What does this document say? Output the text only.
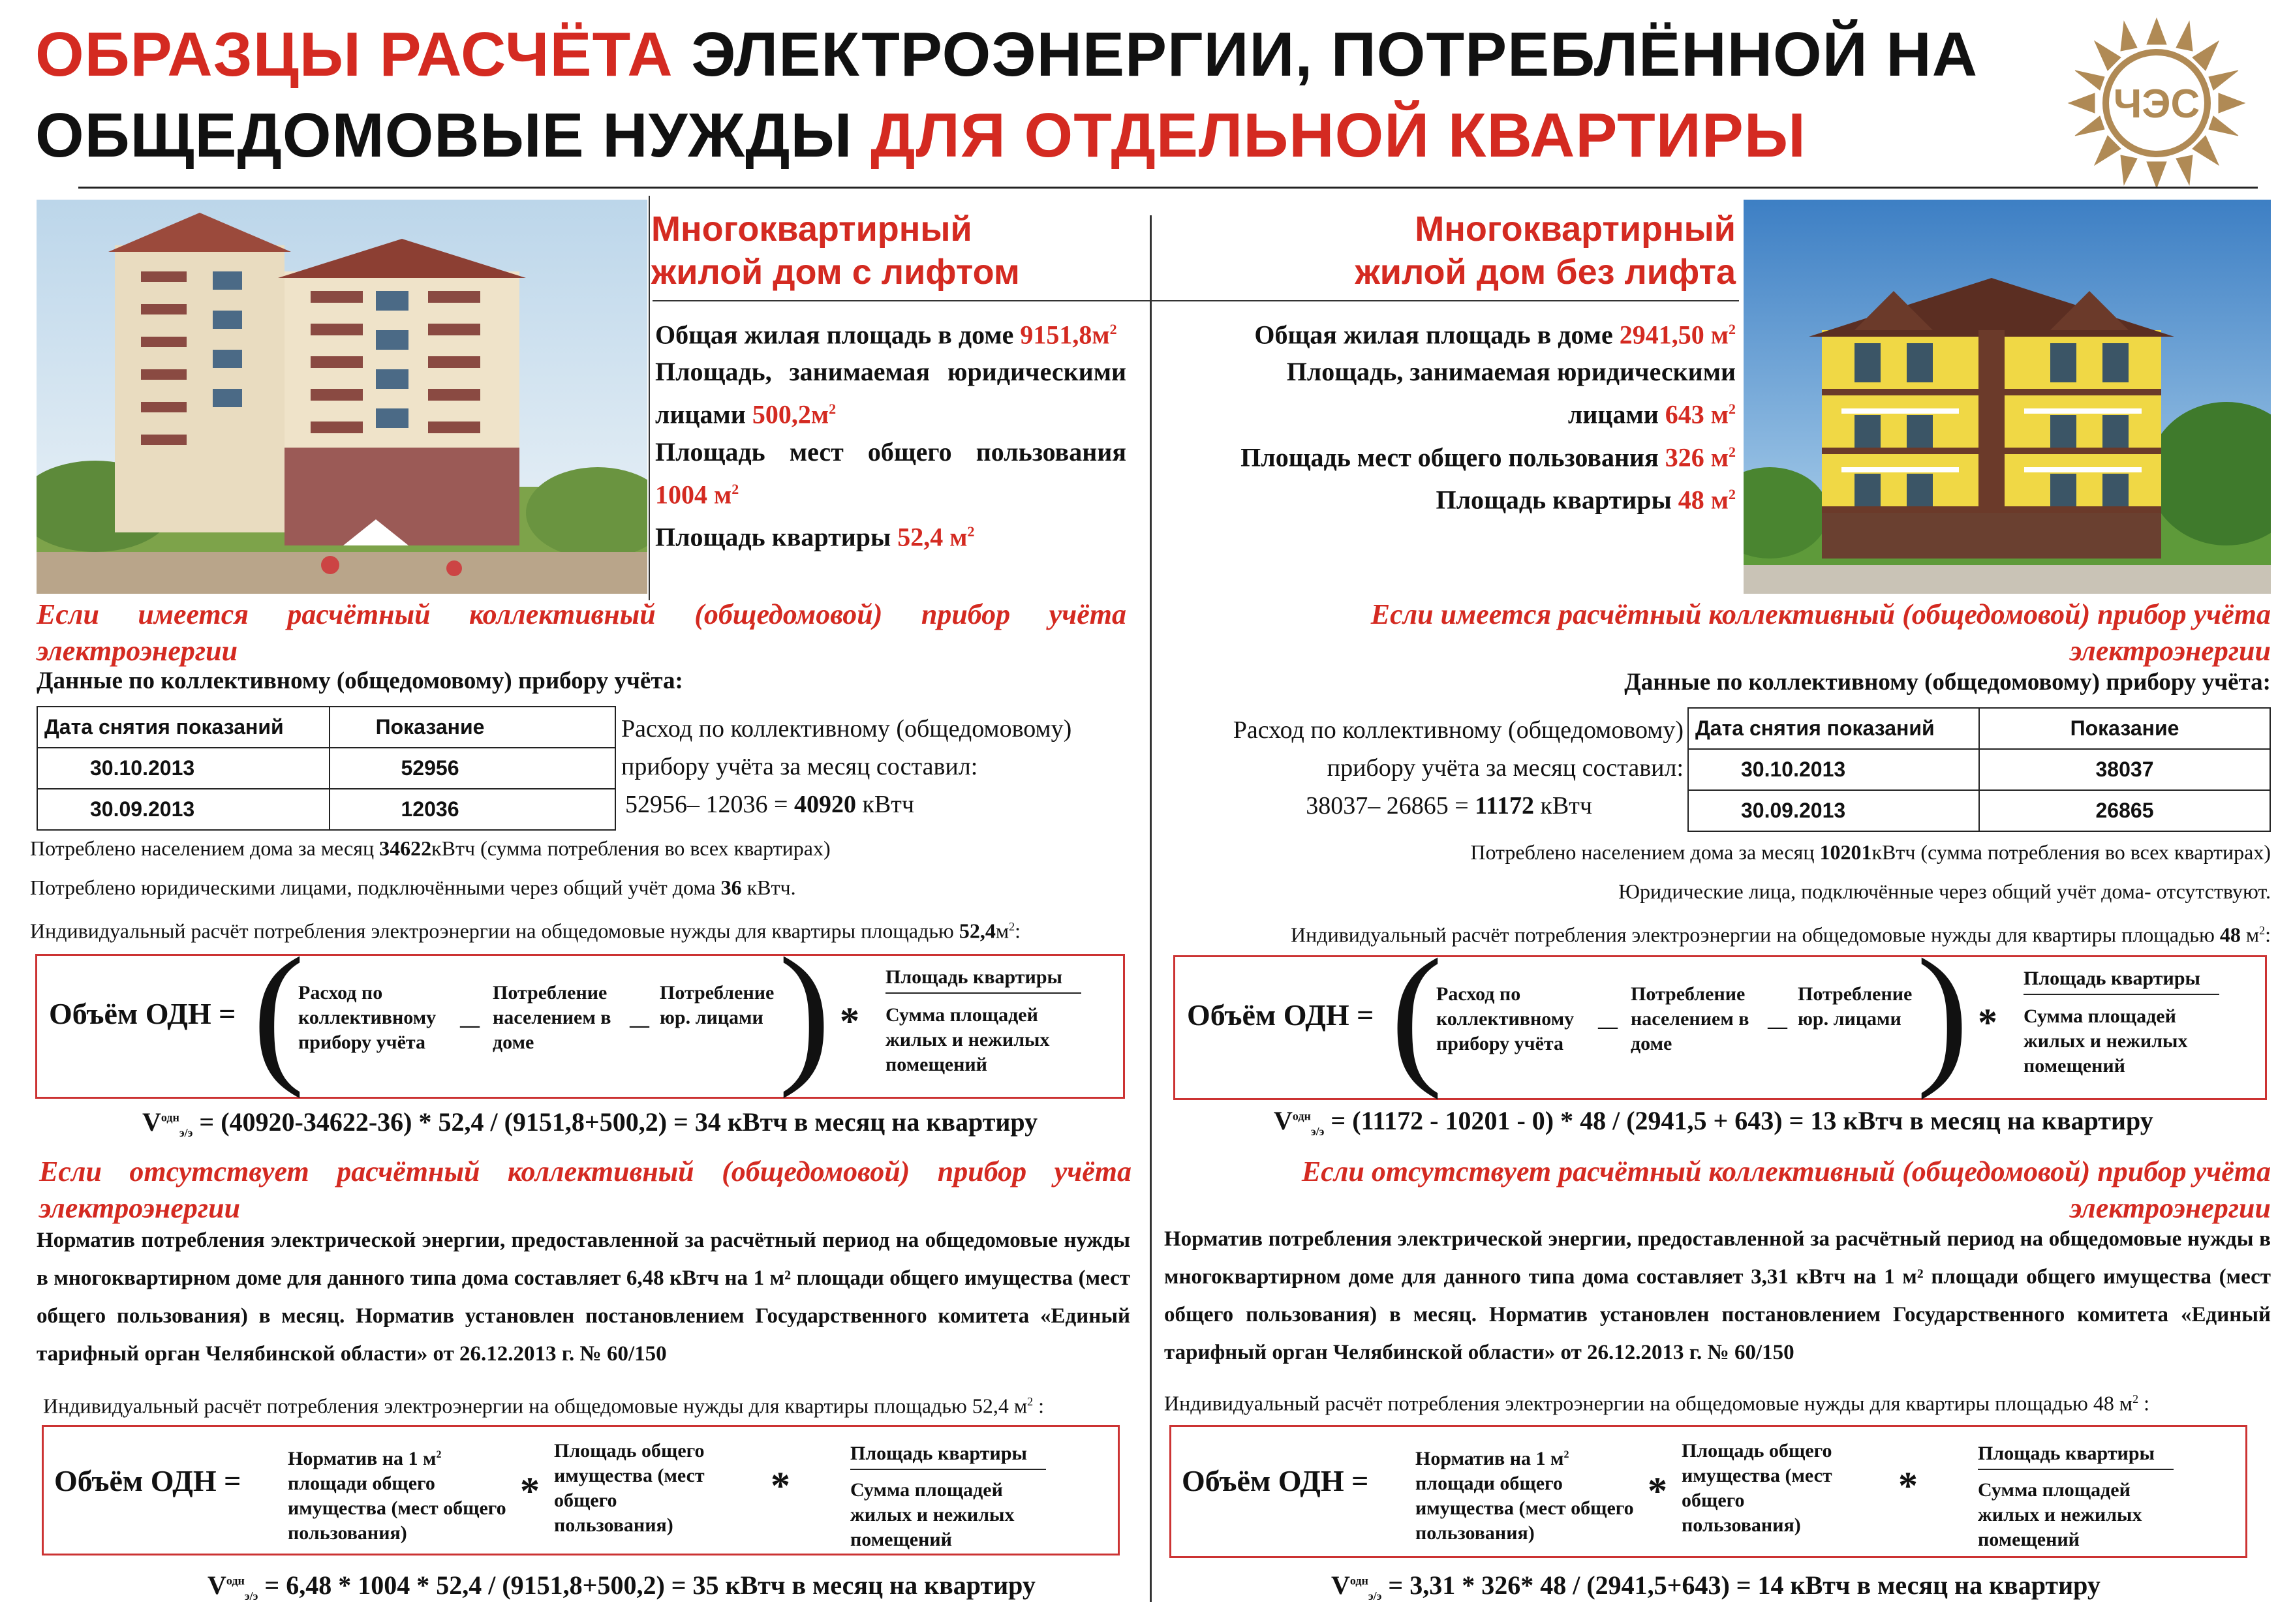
ОБРАЗЦЫ РАСЧЁТА ЭЛЕКТРОЭНЕРГИИ, ПОТРЕБЛЁННОЙ НА
ОБЩЕДОМОВЫЕ НУЖДЫ ДЛЯ ОТДЕЛЬНОЙ КВАРТИРЫ	ЧЭС
Многоквартирный
жилой дом с лифтом
Общая жилая площадь в доме $9151,8м^2$
Площадь, занимаемая юридическими
лицами $500,2м^2$
Площадь мест общего пользования
1004 $м^2$
Площадь квартиры 52,4 $м^2$
Многоквартирный
жилой дом без лифта
Общая жилая площадь в доме 2941,50 $м^2$
Площадь, занимаемая юридическими
лицами 643 $м^2$
Площадь мест общего пользования 326 $м^2$
Площадь квартиры 48 $м^2$
Если имеется расчётный коллективный (общедомовой) прибор учёта электроэнергии
Данные по коллективному (общедомовому) прибору учёта:
Дата снятия показаний	Показание
30.10.2013	52956
30.09.2013	12036
Расход по коллективному (общедомовому)
прибору учёта за месяц составил:
52956– 12036 = 40920 кВтч
Потреблено населением дома за месяц 34622кВтч (сумма потребления во всех квартирах)
Потреблено юридическими лицами, подключёнными через общий учёт дома 36 кВтч.
Индивидуальный расчёт потребления электроэнергии на общедомовые нужды для квартиры площадью $52,4м^2$:
Объём ОДН = (
Расход по коллективному прибору учёта
—
Потребление населением в доме
—
Потребление юр. лицами ) *
Площадь квартиры
Сумма площадей жилых и нежилых помещений
$V^{одн}_{э/э} = (40920-34622-36) * 52,4 / (9151,8+500,2) = 34$ кВтч в месяц на квартиру
Если отсутствует расчётный коллективный (общедомовой) прибор учёта электроэнергии
Норматив потребления электрической энергии, предоставленной за расчётный период на общедомовые нужды в многоквартирном доме для данного типа дома составляет 6,48 кВтч на 1 м² площади общего имущества (мест общего пользования) в месяц. Норматив установлен постановлением Государственного комитета «Единый тарифный орган Челябинской области» от 26.12.2013 г. № 60/150
Индивидуальный расчёт потребления электроэнергии на общедомовые нужды для квартиры площадью 52,4 $м^2$ :
Объём ОДН =
Норматив на 1 $м^2$
площади общего имущества (мест общего пользования)
*
Площадь общего имущества (мест общего пользования)
*
Площадь квартиры
Сумма площадей жилых и нежилых помещений
$V^{одн}_{э/э} = 6,48 * 1004 * 52,4 / (9151,8+500,2) = 35$ кВтч в месяц на квартиру
Если имеется расчётный коллективный (общедомовой) прибор учёта электроэнергии
Данные по коллективному (общедомовому) прибору учёта:
Расход по коллективному (общедомовому)
прибору учёта за месяц составил:
38037– 26865 = 11172 кВтч
Дата снятия показаний	Показание
30.10.2013	38037
30.09.2013	26865
Потреблено населением дома за месяц 10201кВтч (сумма потребления во всех квартирах)
Юридические лица, подключённые через общий учёт дома- отсутствуют.
Индивидуальный расчёт потребления электроэнергии на общедомовые нужды для квартиры площадью 48 $м^2$:
Объём ОДН = (
Расход по коллективному прибору учёта
—
Потребление населением в доме
—
Потребление юр. лицами ) *
Площадь квартиры
Сумма площадей жилых и нежилых помещений
$V^{одн}_{э/э} = (11172 - 10201 - 0) * 48 / (2941,5 + 643) = 13$ кВтч в месяц на квартиру
Если отсутствует расчётный коллективный (общедомовой) прибор учёта электроэнергии
Норматив потребления электрической энергии, предоставленной за расчётный период на общедомовые нужды в многоквартирном доме для данного типа дома составляет 3,31 кВтч на 1 м² площади общего имущества (мест общего пользования) в месяц. Норматив установлен постановлением Государственного комитета «Единый тарифный орган Челябинской области» от 26.12.2013 г. № 60/150
Индивидуальный расчёт потребления электроэнергии на общедомовые нужды для квартиры площадью 48 $м^2$ :
Объём ОДН =
Норматив на 1 $м^2$
площади общего имущества (мест общего пользования)
*
Площадь общего имущества (мест общего пользования)
*
Площадь квартиры
Сумма площадей жилых и нежилых помещений
$V^{одн}_{э/э} = 3,31 * 326*$ 48 / (2941,5+643) = 14 кВтч в месяц на квартиру
